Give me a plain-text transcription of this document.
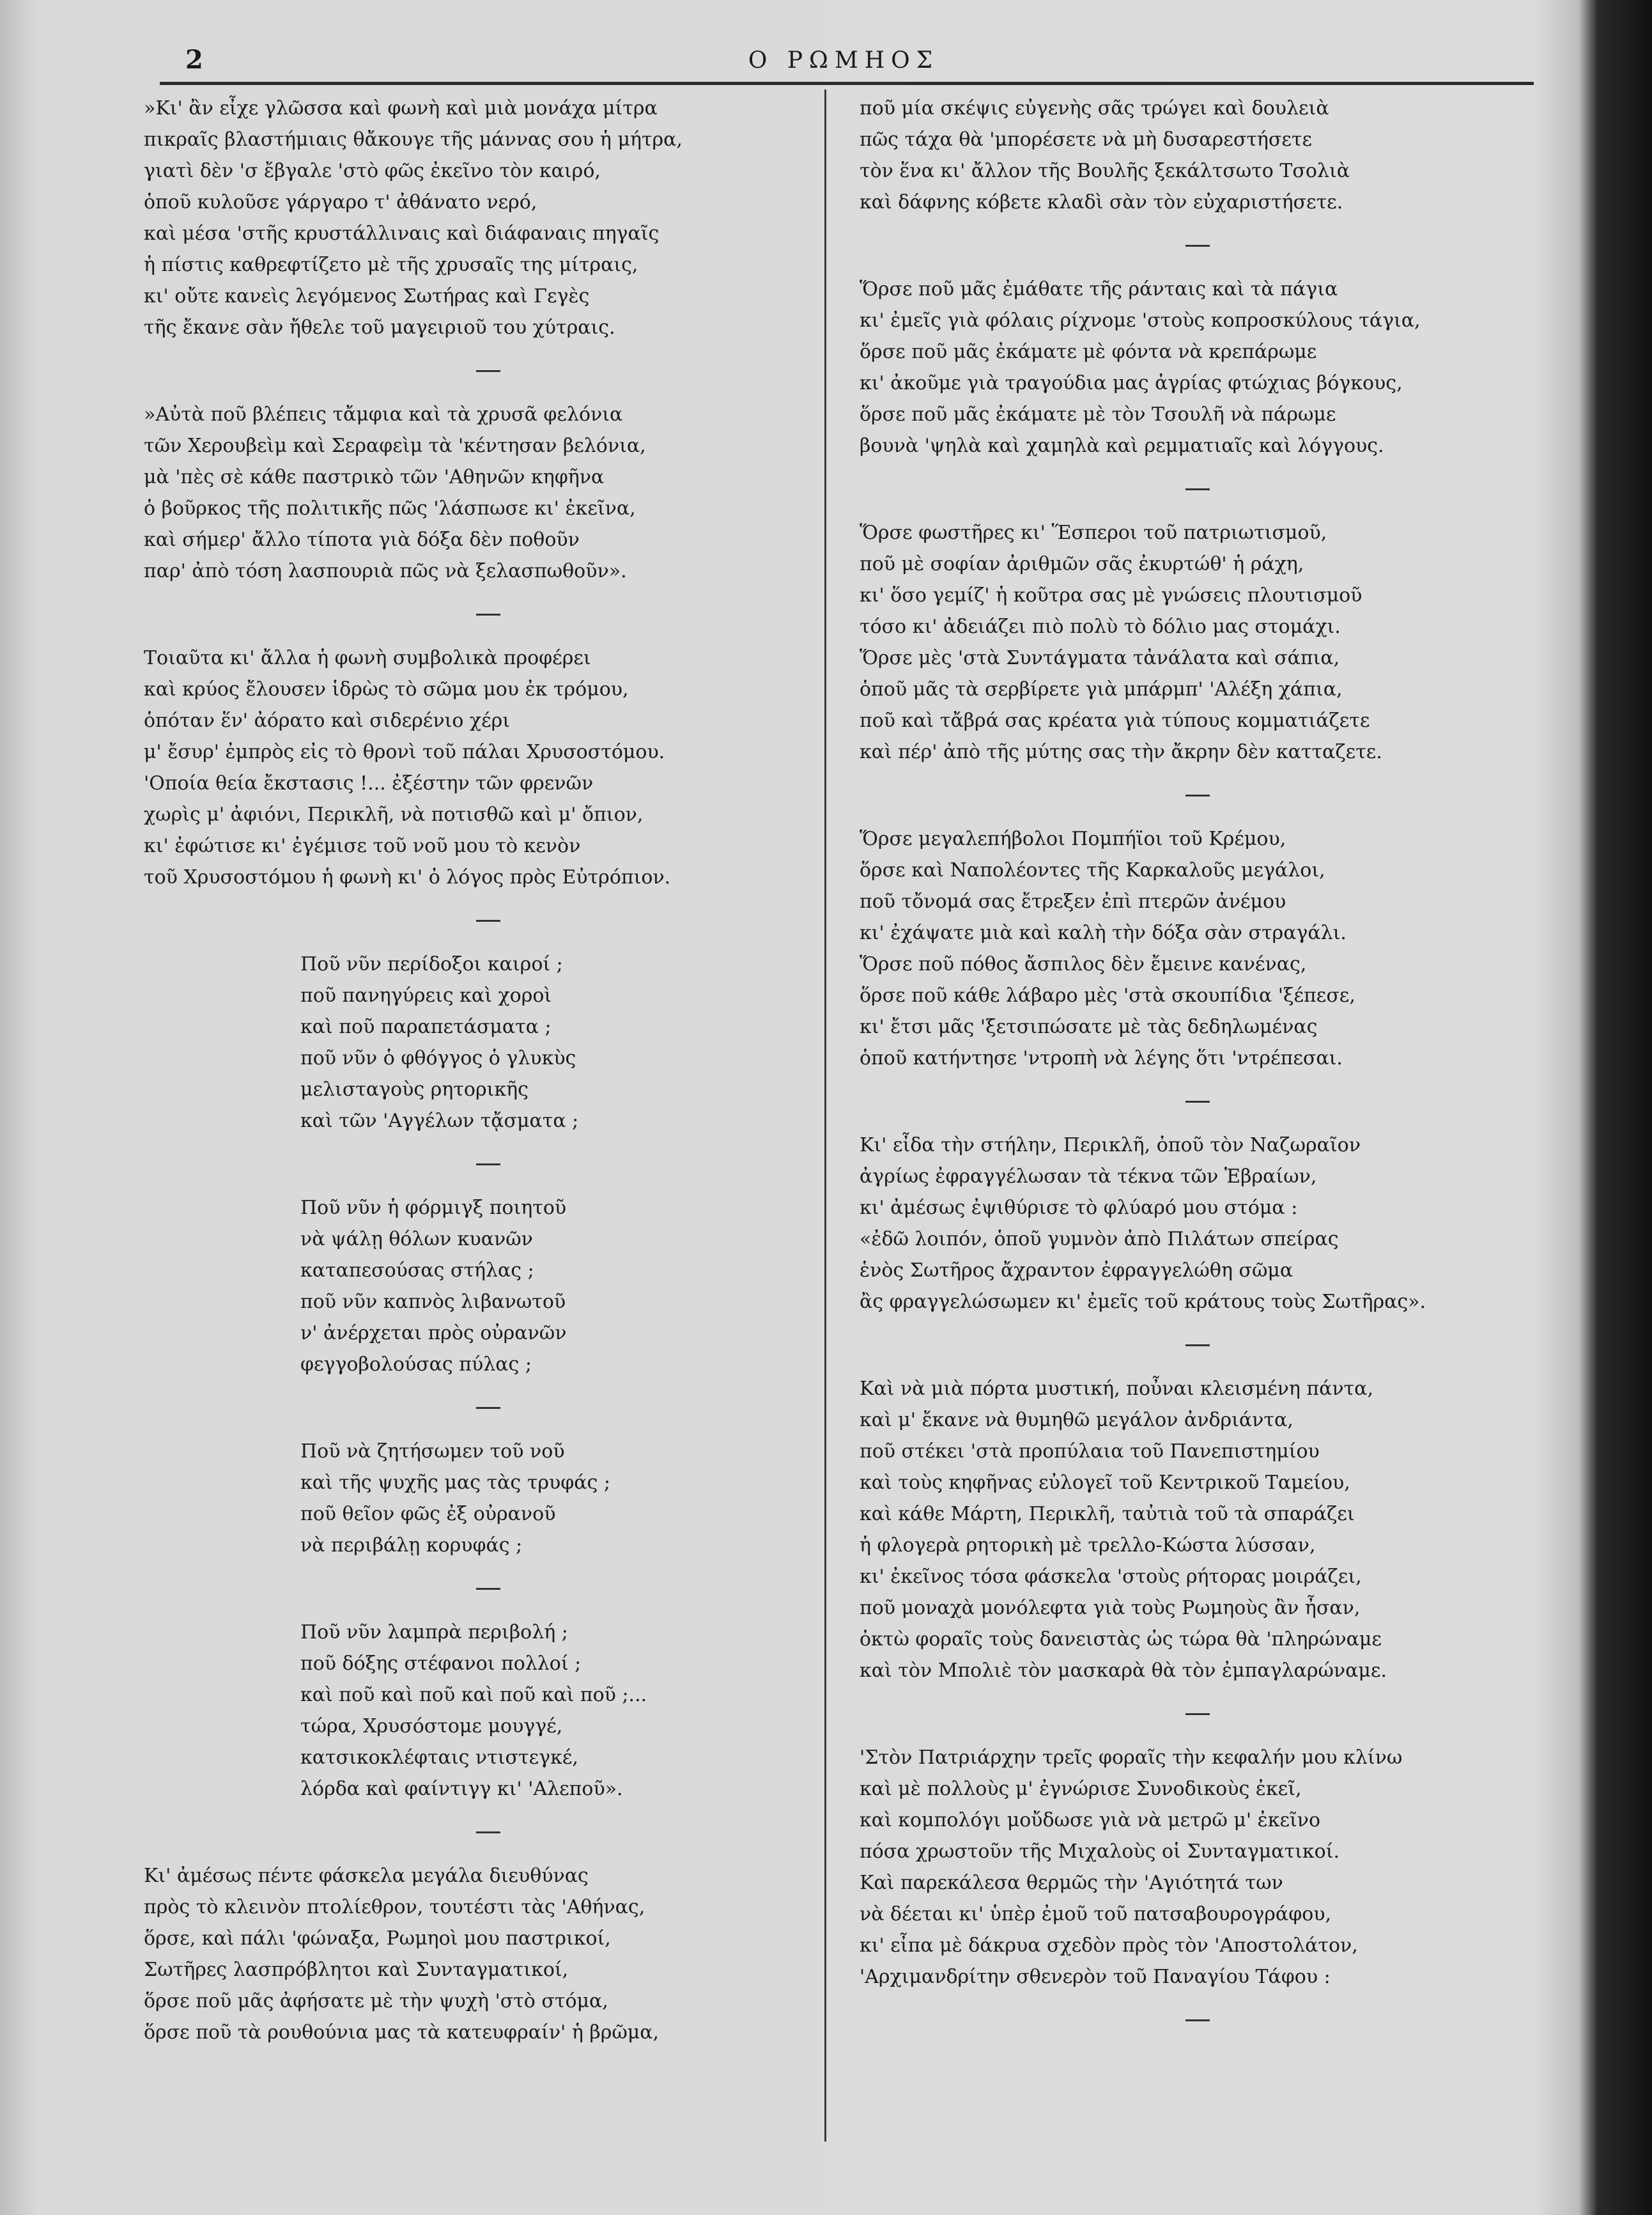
2	Ο ΡΩΜΗΟΣ
»Κι' ἂν εἶχε γλῶσσα καὶ φωνὴ καὶ μιὰ μονάχα μίτρα
πικραῖς βλαστήμιαις θἄκουγε τῆς μάννας σου ἡ μήτρα,
γιατὶ δὲν 'σ ἔβγαλε 'στὸ φῶς ἐκεῖνο τὸν καιρό,
ὁποῦ κυλοῦσε γάργαρο τ' ἀθάνατο νερό,
καὶ μέσα 'στῆς κρυστάλλιναις καὶ διάφαναις πηγαῖς
ἡ πίστις καθρεφτίζετο μὲ τῆς χρυσαῖς της μίτραις,
κι' οὔτε κανεὶς λεγόμενος Σωτήρας καὶ Γεγὲς
τῆς ἔκανε σὰν ἤθελε τοῦ μαγειριοῦ του χύτραις.
»Αὐτὰ ποῦ βλέπεις τἄμφια καὶ τὰ χρυσᾶ φελόνια
τῶν Χερουβεὶμ καὶ Σεραφεὶμ τὰ 'κέντησαν βελόνια,
μὰ 'πὲς σὲ κάθε παστρικὸ τῶν 'Αθηνῶν κηφῆνα
ὁ βοῦρκος τῆς πολιτικῆς πῶς 'λάσπωσε κι' ἐκεῖνα,
καὶ σήμερ' ἄλλο τίποτα γιὰ δόξα δὲν ποθοῦν
παρ' ἀπὸ τόση λασπουριὰ πῶς νὰ ξελασπωθοῦν».
Τοιαῦτα κι' ἄλλα ἡ φωνὴ συμβολικὰ προφέρει
καὶ κρύος ἔλουσεν ἱδρὼς τὸ σῶμα μου ἐκ τρόμου,
ὁπόταν ἕν' ἀόρατο καὶ σιδερένιο χέρι
μ' ἔσυρ' ἐμπρὸς εἰς τὸ θρονὶ τοῦ πάλαι Χρυσοστόμου.
'Οποία θεία ἔκστασις !... ἐξέστην τῶν φρενῶν
χωρὶς μ' ἀφιόνι, Περικλῆ, νὰ ποτισθῶ καὶ μ' ὄπιον,
κι' ἐφώτισε κι' ἐγέμισε τοῦ νοῦ μου τὸ κενὸν
τοῦ Χρυσοστόμου ἡ φωνὴ κι' ὁ λόγος πρὸς Εὐτρόπιον.
Ποῦ νῦν περίδοξοι καιροί ;
ποῦ πανηγύρεις καὶ χοροὶ
καὶ ποῦ παραπετάσματα ;
ποῦ νῦν ὁ φθόγγος ὁ γλυκὺς
μελισταγοὺς ρητορικῆς
καὶ τῶν 'Αγγέλων τᾄσματα ;
Ποῦ νῦν ἡ φόρμιγξ ποιητοῦ
νὰ ψάλῃ θόλων κυανῶν
καταπεσούσας στήλας ;
ποῦ νῦν καπνὸς λιβανωτοῦ
ν' ἀνέρχεται πρὸς οὐρανῶν
φεγγοβολούσας πύλας ;
Ποῦ νὰ ζητήσωμεν τοῦ νοῦ
καὶ τῆς ψυχῆς μας τὰς τρυφάς ;
ποῦ θεῖον φῶς ἐξ οὐρανοῦ
νὰ περιβάλῃ κορυφάς ;
Ποῦ νῦν λαμπρὰ περιβολή ;
ποῦ δόξης στέφανοι πολλοί ;
καὶ ποῦ καὶ ποῦ καὶ ποῦ καὶ ποῦ ;...
τώρα, Χρυσόστομε μουγγέ,
κατσικοκλέφταις ντιστεγκέ,
λόρδα καὶ φαίντιγγ κι' 'Αλεποῦ».
Κι' ἀμέσως πέντε φάσκελα μεγάλα διευθύνας
πρὸς τὸ κλεινὸν πτολίεθρον, τουτέστι τὰς 'Αθήνας,
ὅρσε, καὶ πάλι 'φώναξα, Ρωμηοὶ μου παστρικοί,
Σωτῆρες λασπρόβλητοι καὶ Συνταγματικοί,
ὅρσε ποῦ μᾶς ἀφήσατε μὲ τὴν ψυχὴ 'στὸ στόμα,
ὅρσε ποῦ τὰ ρουθούνια μας τὰ κατευφραίν' ἡ βρῶμα,
ποῦ μία σκέψις εὐγενὴς σᾶς τρώγει καὶ δουλειὰ
πῶς τάχα θὰ 'μπορέσετε νὰ μὴ δυσαρεστήσετε
τὸν ἕνα κι' ἄλλον τῆς Βουλῆς ξεκάλτσωτο Τσολιὰ
καὶ δάφνης κόβετε κλαδὶ σὰν τὸν εὐχαριστήσετε.
Ὅρσε ποῦ μᾶς ἐμάθατε τῆς ράνταις καὶ τὰ πάγια
κι' ἐμεῖς γιὰ φόλαις ρίχνομε 'στοὺς κοπροσκύλους τάγια,
ὅρσε ποῦ μᾶς ἐκάματε μὲ φόντα νὰ κρεπάρωμε
κι' ἀκοῦμε γιὰ τραγούδια μας ἀγρίας φτώχιας βόγκους,
ὅρσε ποῦ μᾶς ἐκάματε μὲ τὸν Τσουλῆ νὰ πάρωμε
βουνὰ 'ψηλὰ καὶ χαμηλὰ καὶ ρεμματιαῖς καὶ λόγγους.
Ὅρσε φωστῆρες κι' Ἕσπεροι τοῦ πατριωτισμοῦ,
ποῦ μὲ σοφίαν ἀριθμῶν σᾶς ἐκυρτώθ' ἡ ράχη,
κι' ὅσο γεμίζ' ἡ κοῦτρα σας μὲ γνώσεις πλουτισμοῦ
τόσο κι' ἀδειάζει πιὸ πολὺ τὸ δόλιο μας στομάχι.
Ὅρσε μὲς 'στὰ Συντάγματα τἀνάλατα καὶ σάπια,
ὁποῦ μᾶς τὰ σερβίρετε γιὰ μπάρμπ' 'Αλέξη χάπια,
ποῦ καὶ τἄβρά σας κρέατα γιὰ τύπους κομματιάζετε
καὶ πέρ' ἀπὸ τῆς μύτης σας τὴν ἄκρην δὲν κατταζετε.
Ὅρσε μεγαλεπήβολοι Πομπήϊοι τοῦ Κρέμου,
ὅρσε καὶ Ναπολέοντες τῆς Καρκαλοῦς μεγάλοι,
ποῦ τὄνομά σας ἔτρεξεν ἐπὶ πτερῶν ἀνέμου
κι' ἐχάψατε μιὰ καὶ καλὴ τὴν δόξα σὰν στραγάλι.
Ὅρσε ποῦ πόθος ἄσπιλος δὲν ἔμεινε κανένας,
ὅρσε ποῦ κάθε λάβαρο μὲς 'στὰ σκουπίδια 'ξέπεσε,
κι' ἔτσι μᾶς 'ξετσιπώσατε μὲ τὰς δεδηλωμένας
ὁποῦ κατήντησε 'ντροπὴ νὰ λέγης ὅτι 'ντρέπεσαι.
Κι' εἶδα τὴν στήλην, Περικλῆ, ὁποῦ τὸν Ναζωραῖον
ἀγρίως ἐφραγγέλωσαν τὰ τέκνα τῶν Ἑβραίων,
κι' ἀμέσως ἐψιθύρισε τὸ φλύαρό μου στόμα :
«ἐδῶ λοιπόν, ὁποῦ γυμνὸν ἀπὸ Πιλάτων σπείρας
ἑνὸς Σωτῆρος ἄχραντον ἐφραγγελώθη σῶμα
ἂς φραγγελώσωμεν κι' ἐμεῖς τοῦ κράτους τοὺς Σωτῆρας».
Καὶ νὰ μιὰ πόρτα μυστική, ποὖναι κλεισμένη πάντα,
καὶ μ' ἔκανε νὰ θυμηθῶ μεγάλον ἀνδριάντα,
ποῦ στέκει 'στὰ προπύλαια τοῦ Πανεπιστημίου
καὶ τοὺς κηφῆνας εὐλογεῖ τοῦ Κεντρικοῦ Ταμείου,
καὶ κάθε Μάρτη, Περικλῆ, ταὐτιὰ τοῦ τὰ σπαράζει
ἡ φλογερὰ ρητορικὴ μὲ τρελλο-Κώστα λύσσαν,
κι' ἐκεῖνος τόσα φάσκελα 'στοὺς ρήτορας μοιράζει,
ποῦ μοναχὰ μονόλεφτα γιὰ τοὺς Ρωμηοὺς ἂν ἦσαν,
ὀκτὼ φοραῖς τοὺς δανειστὰς ὡς τώρα θὰ 'πληρώναμε
καὶ τὸν Μπολιὲ τὸν μασκαρὰ θὰ τὸν ἐμπαγλαρώναμε.
'Στὸν Πατριάρχην τρεῖς φοραῖς τὴν κεφαλήν μου κλίνω
καὶ μὲ πολλοὺς μ' ἐγνώρισε Συνοδικοὺς ἐκεῖ,
καὶ κομπολόγι μοὔδωσε γιὰ νὰ μετρῶ μ' ἐκεῖνο
πόσα χρωστοῦν τῆς Μιχαλοὺς οἱ Συνταγματικοί.
Καὶ παρεκάλεσα θερμῶς τὴν 'Αγιότητά των
νὰ δέεται κι' ὑπὲρ ἐμοῦ τοῦ πατσαβουρογράφου,
κι' εἶπα μὲ δάκρυα σχεδὸν πρὸς τὸν 'Αποστολάτον,
'Αρχιμανδρίτην σθενερὸν τοῦ Παναγίου Τάφου :
